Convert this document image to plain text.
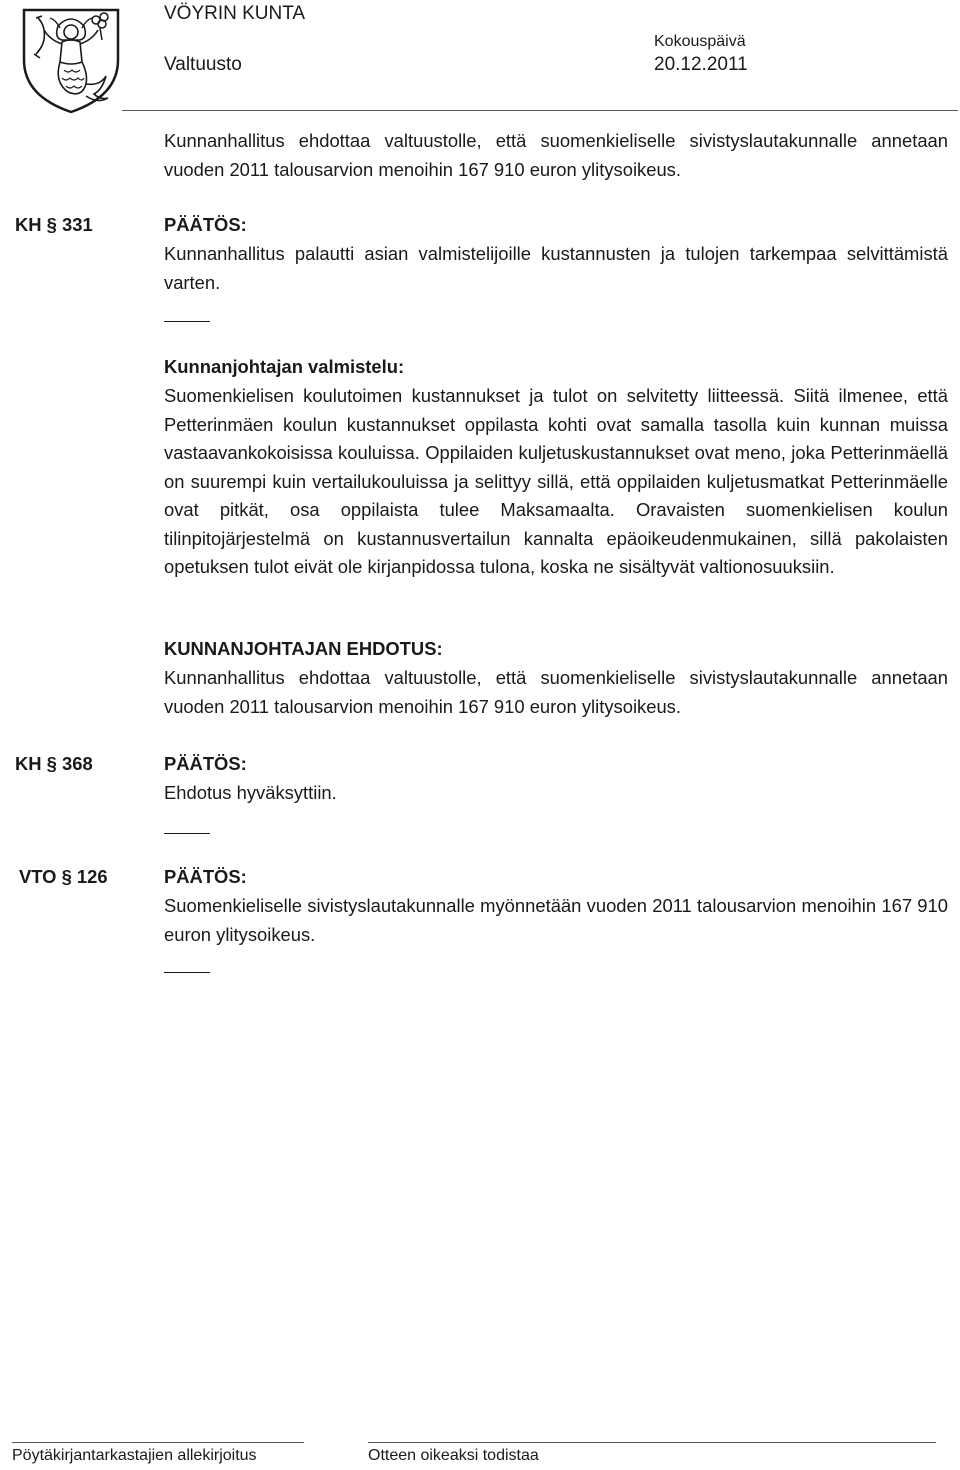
VÖYRIN KUNTA
Valtuusto
Kokouspäivä
20.12.2011

Kunnanhallitus ehdottaa valtuustolle, että suomenkieliselle sivistyslautakunnalle annetaan vuoden 2011 talousarvion menoihin 167 910 euron ylitysoikeus.

KH § 331	PÄÄTÖS:

Kunnanhallitus palautti asian valmistelijoille kustannusten ja tulojen tarkempaa selvittämistä varten.

Kunnanjohtajan valmistelu:

Suomenkielisen koulutoimen kustannukset ja tulot on selvitetty liitteessä. Siitä ilmenee, että Petterinmäen koulun kustannukset oppilasta kohti ovat samalla tasolla kuin kunnan muissa vastaavankokoisissa kouluissa. Oppilaiden kuljetuskustannukset ovat meno, joka Petterinmäellä on suurempi kuin vertailukouluissa ja selittyy sillä, että oppilaiden kuljetusmatkat Petterinmäelle ovat pitkät, osa oppilaista tulee Maksamaalta. Oravaisten suomenkielisen koulun tilinpitojärjestelmä on kustannusvertailun kannalta epäoikeudenmukainen, sillä pakolaisten opetuksen tulot eivät ole kirjanpidossa tulona, koska ne sisältyvät valtionosuuksiin.

KUNNANJOHTAJAN EHDOTUS:

Kunnanhallitus ehdottaa valtuustolle, että suomenkieliselle sivistyslautakunnalle annetaan vuoden 2011 talousarvion menoihin 167 910 euron ylitysoikeus.

KH § 368	PÄÄTÖS:

Ehdotus hyväksyttiin.

VTO § 126	PÄÄTÖS:

Suomenkieliselle sivistyslautakunnalle myönnetään vuoden 2011 talousarvion menoihin 167 910 euron ylitysoikeus.

Pöytäkirjantarkastajien allekirjoitus	Otteen oikeaksi todistaa
